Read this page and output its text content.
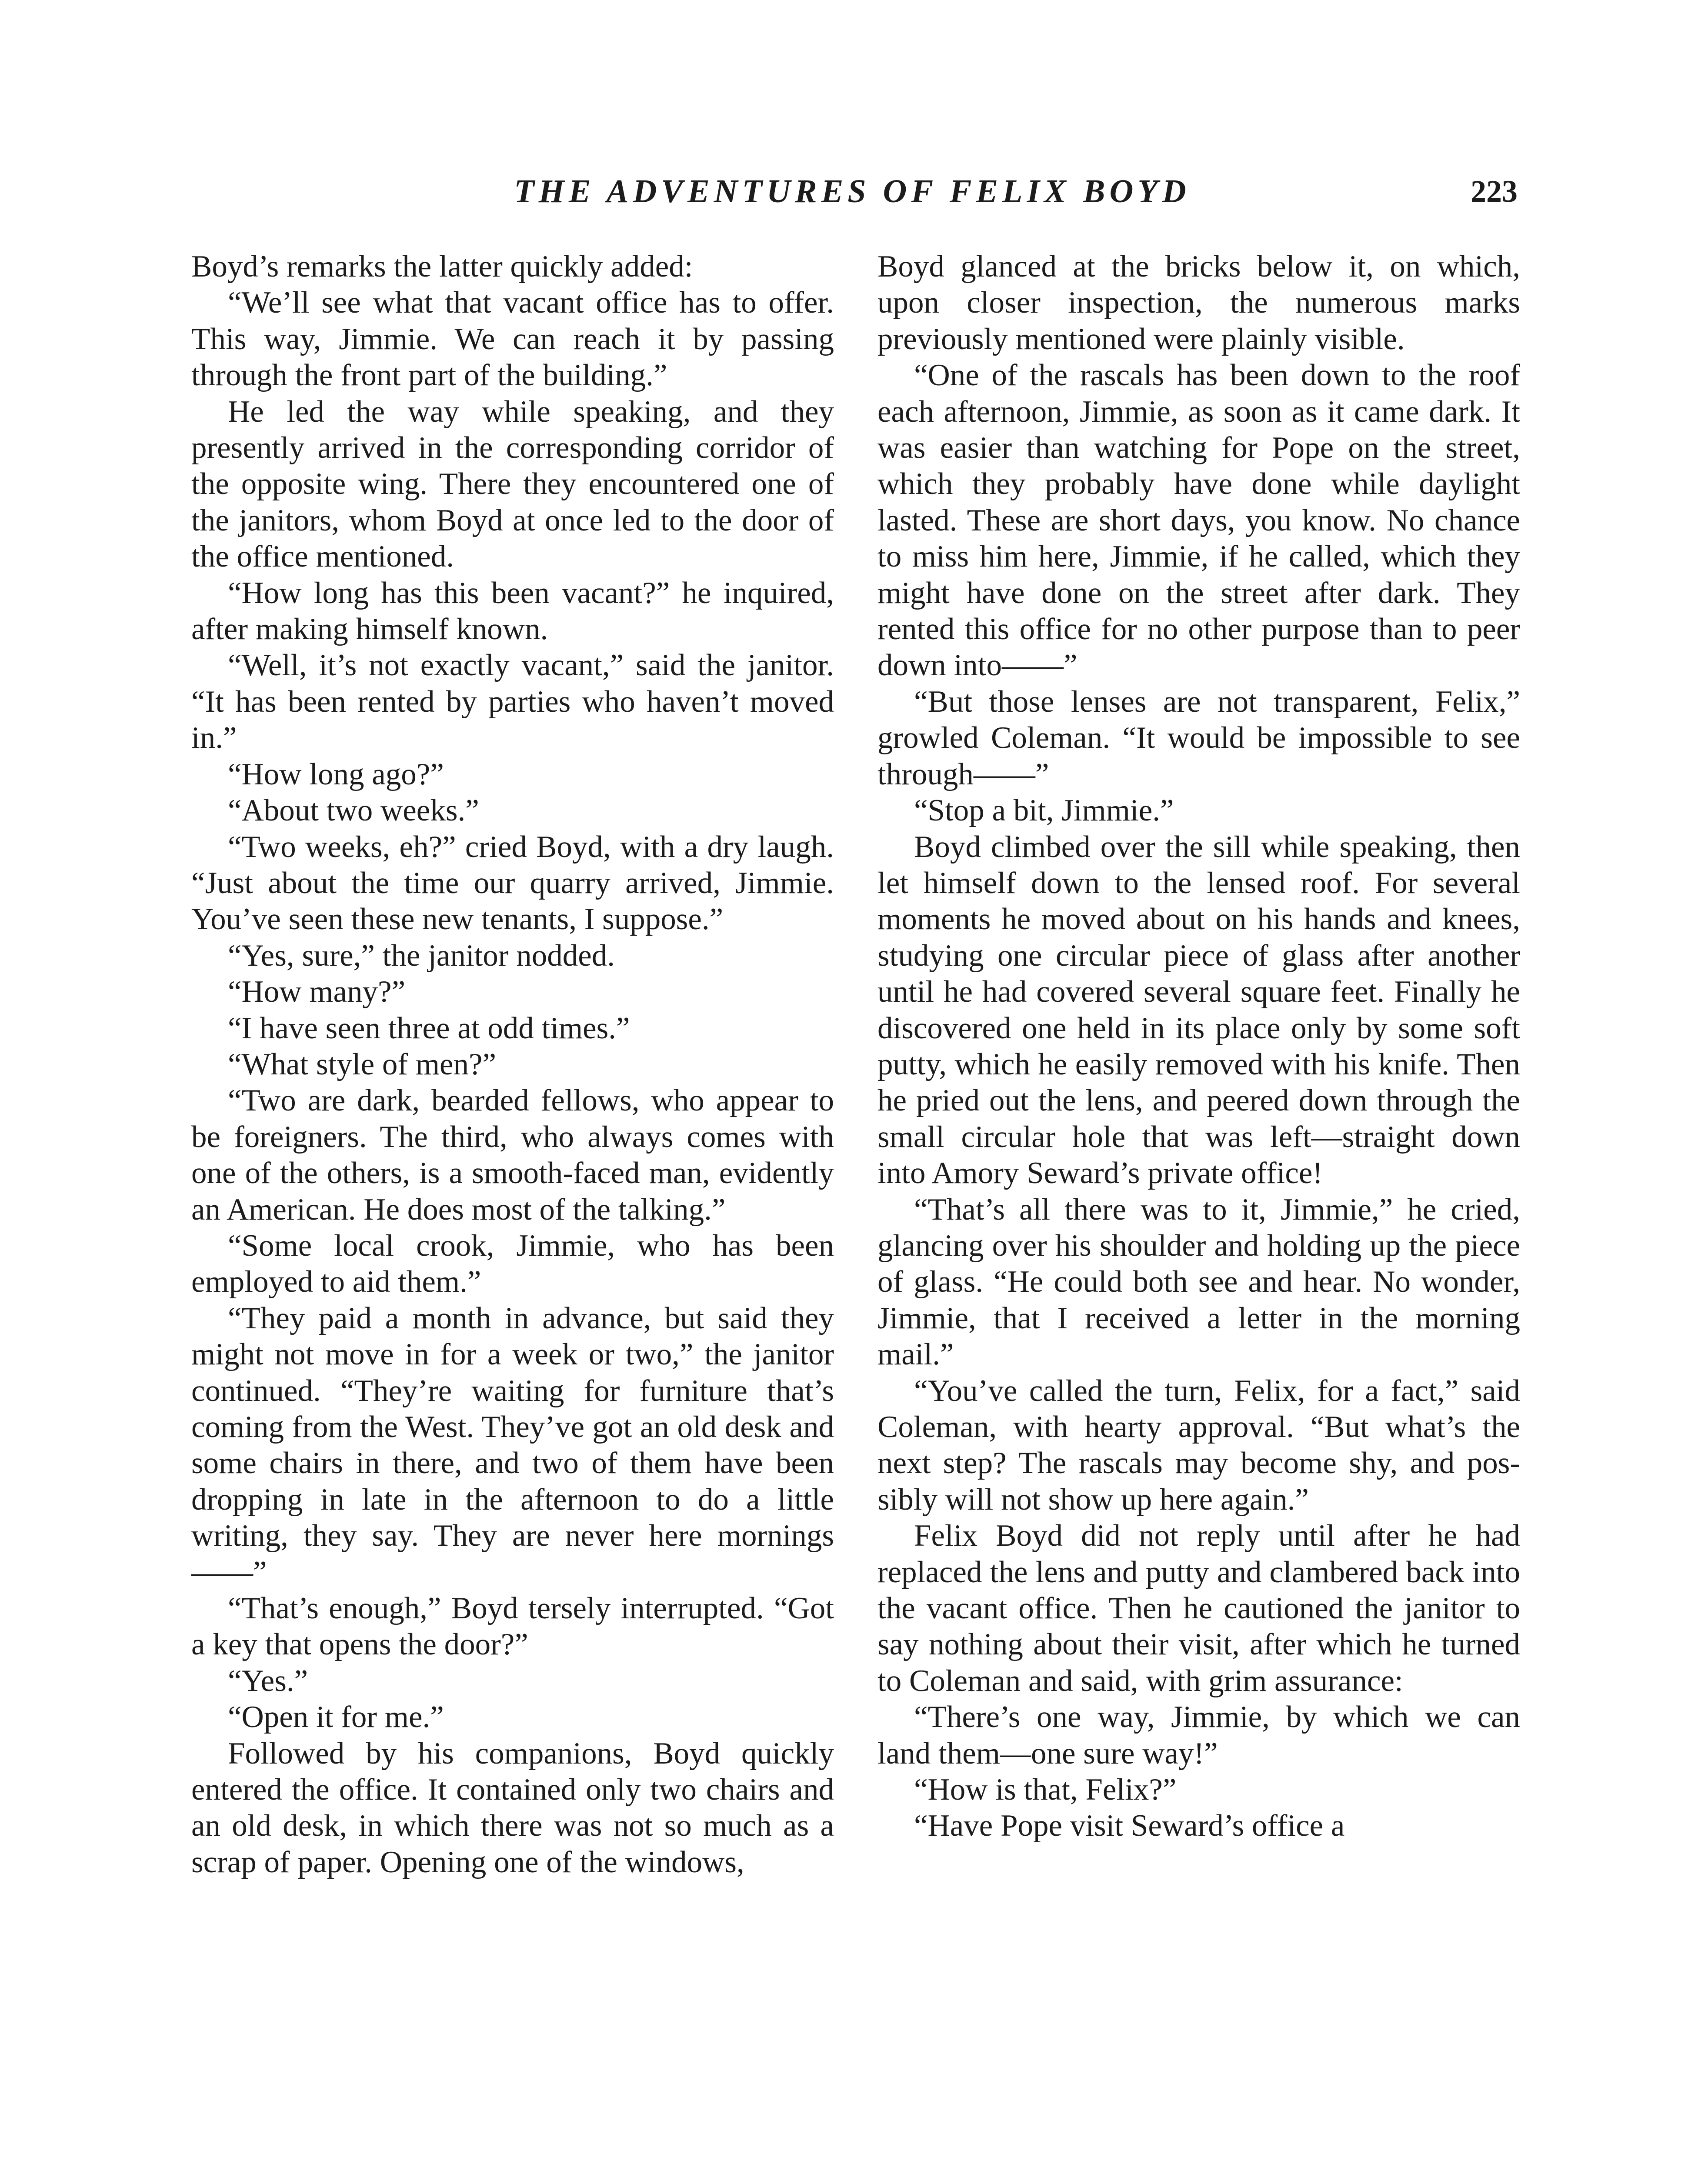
THE ADVENTURES OF FELIX BOYD	223

Boyd’s remarks the latter quickly added:

“We’ll see what that vacant office has to offer. This way, Jimmie. We can reach it by passing through the front part of the building.”

He led the way while speaking, and they presently arrived in the corresponding corridor of the opposite wing. There they encountered one of the janitors, whom Boyd at once led to the door of the office mentioned.

“How long has this been vacant?” he inquired, after making himself known.

“Well, it’s not exactly vacant,” said the janitor. “It has been rented by parties who haven’t moved in.”

“How long ago?”

“About two weeks.”

“Two weeks, eh?” cried Boyd, with a dry laugh. “Just about the time our quarry arrived, Jimmie. You’ve seen these new tenants, I suppose.”

“Yes, sure,” the janitor nodded.

“How many?”

“I have seen three at odd times.”

“What style of men?”

“Two are dark, bearded fellows, who appear to be foreigners. The third, who always comes with one of the others, is a smooth-faced man, evidently an American. He does most of the talking.”

“Some local crook, Jimmie, who has been employed to aid them.”

“They paid a month in advance, but said they might not move in for a week or two,” the janitor continued. “They’re waiting for furniture that’s coming from the West. They’ve got an old desk and some chairs in there, and two of them have been dropping in late in the afternoon to do a little writing, they say. They are never here mornings——”

“That’s enough,” Boyd tersely interrupted. “Got a key that opens the door?”

“Yes.”

“Open it for me.”

Followed by his companions, Boyd quickly entered the office. It contained only two chairs and an old desk, in which there was not so much as a scrap of paper. Opening one of the windows,

Boyd glanced at the bricks below it, on which, upon closer inspection, the numerous marks previously mentioned were plainly visible.

“One of the rascals has been down to the roof each afternoon, Jimmie, as soon as it came dark. It was easier than watching for Pope on the street, which they probably have done while daylight lasted. These are short days, you know. No chance to miss him here, Jimmie, if he called, which they might have done on the street after dark. They rented this office for no other purpose than to peer down into——”

“But those lenses are not transparent, Felix,” growled Coleman. “It would be impossible to see through——”

“Stop a bit, Jimmie.”

Boyd climbed over the sill while speaking, then let himself down to the lensed roof. For several moments he moved about on his hands and knees, studying one circular piece of glass after another until he had covered several square feet. Finally he discovered one held in its place only by some soft putty, which he easily removed with his knife. Then he pried out the lens, and peered down through the small circular hole that was left—straight down into Amory Seward’s private office!

“That’s all there was to it, Jimmie,” he cried, glancing over his shoulder and holding up the piece of glass. “He could both see and hear. No wonder, Jimmie, that I received a letter in the morning mail.”

“You’ve called the turn, Felix, for a fact,” said Coleman, with hearty approval. “But what’s the next step? The rascals may become shy, and possibly will not show up here again.”

Felix Boyd did not reply until after he had replaced the lens and putty and clambered back into the vacant office. Then he cautioned the janitor to say nothing about their visit, after which he turned to Coleman and said, with grim assurance:

“There’s one way, Jimmie, by which we can land them—one sure way!”

“How is that, Felix?”

“Have Pope visit Seward’s office a
